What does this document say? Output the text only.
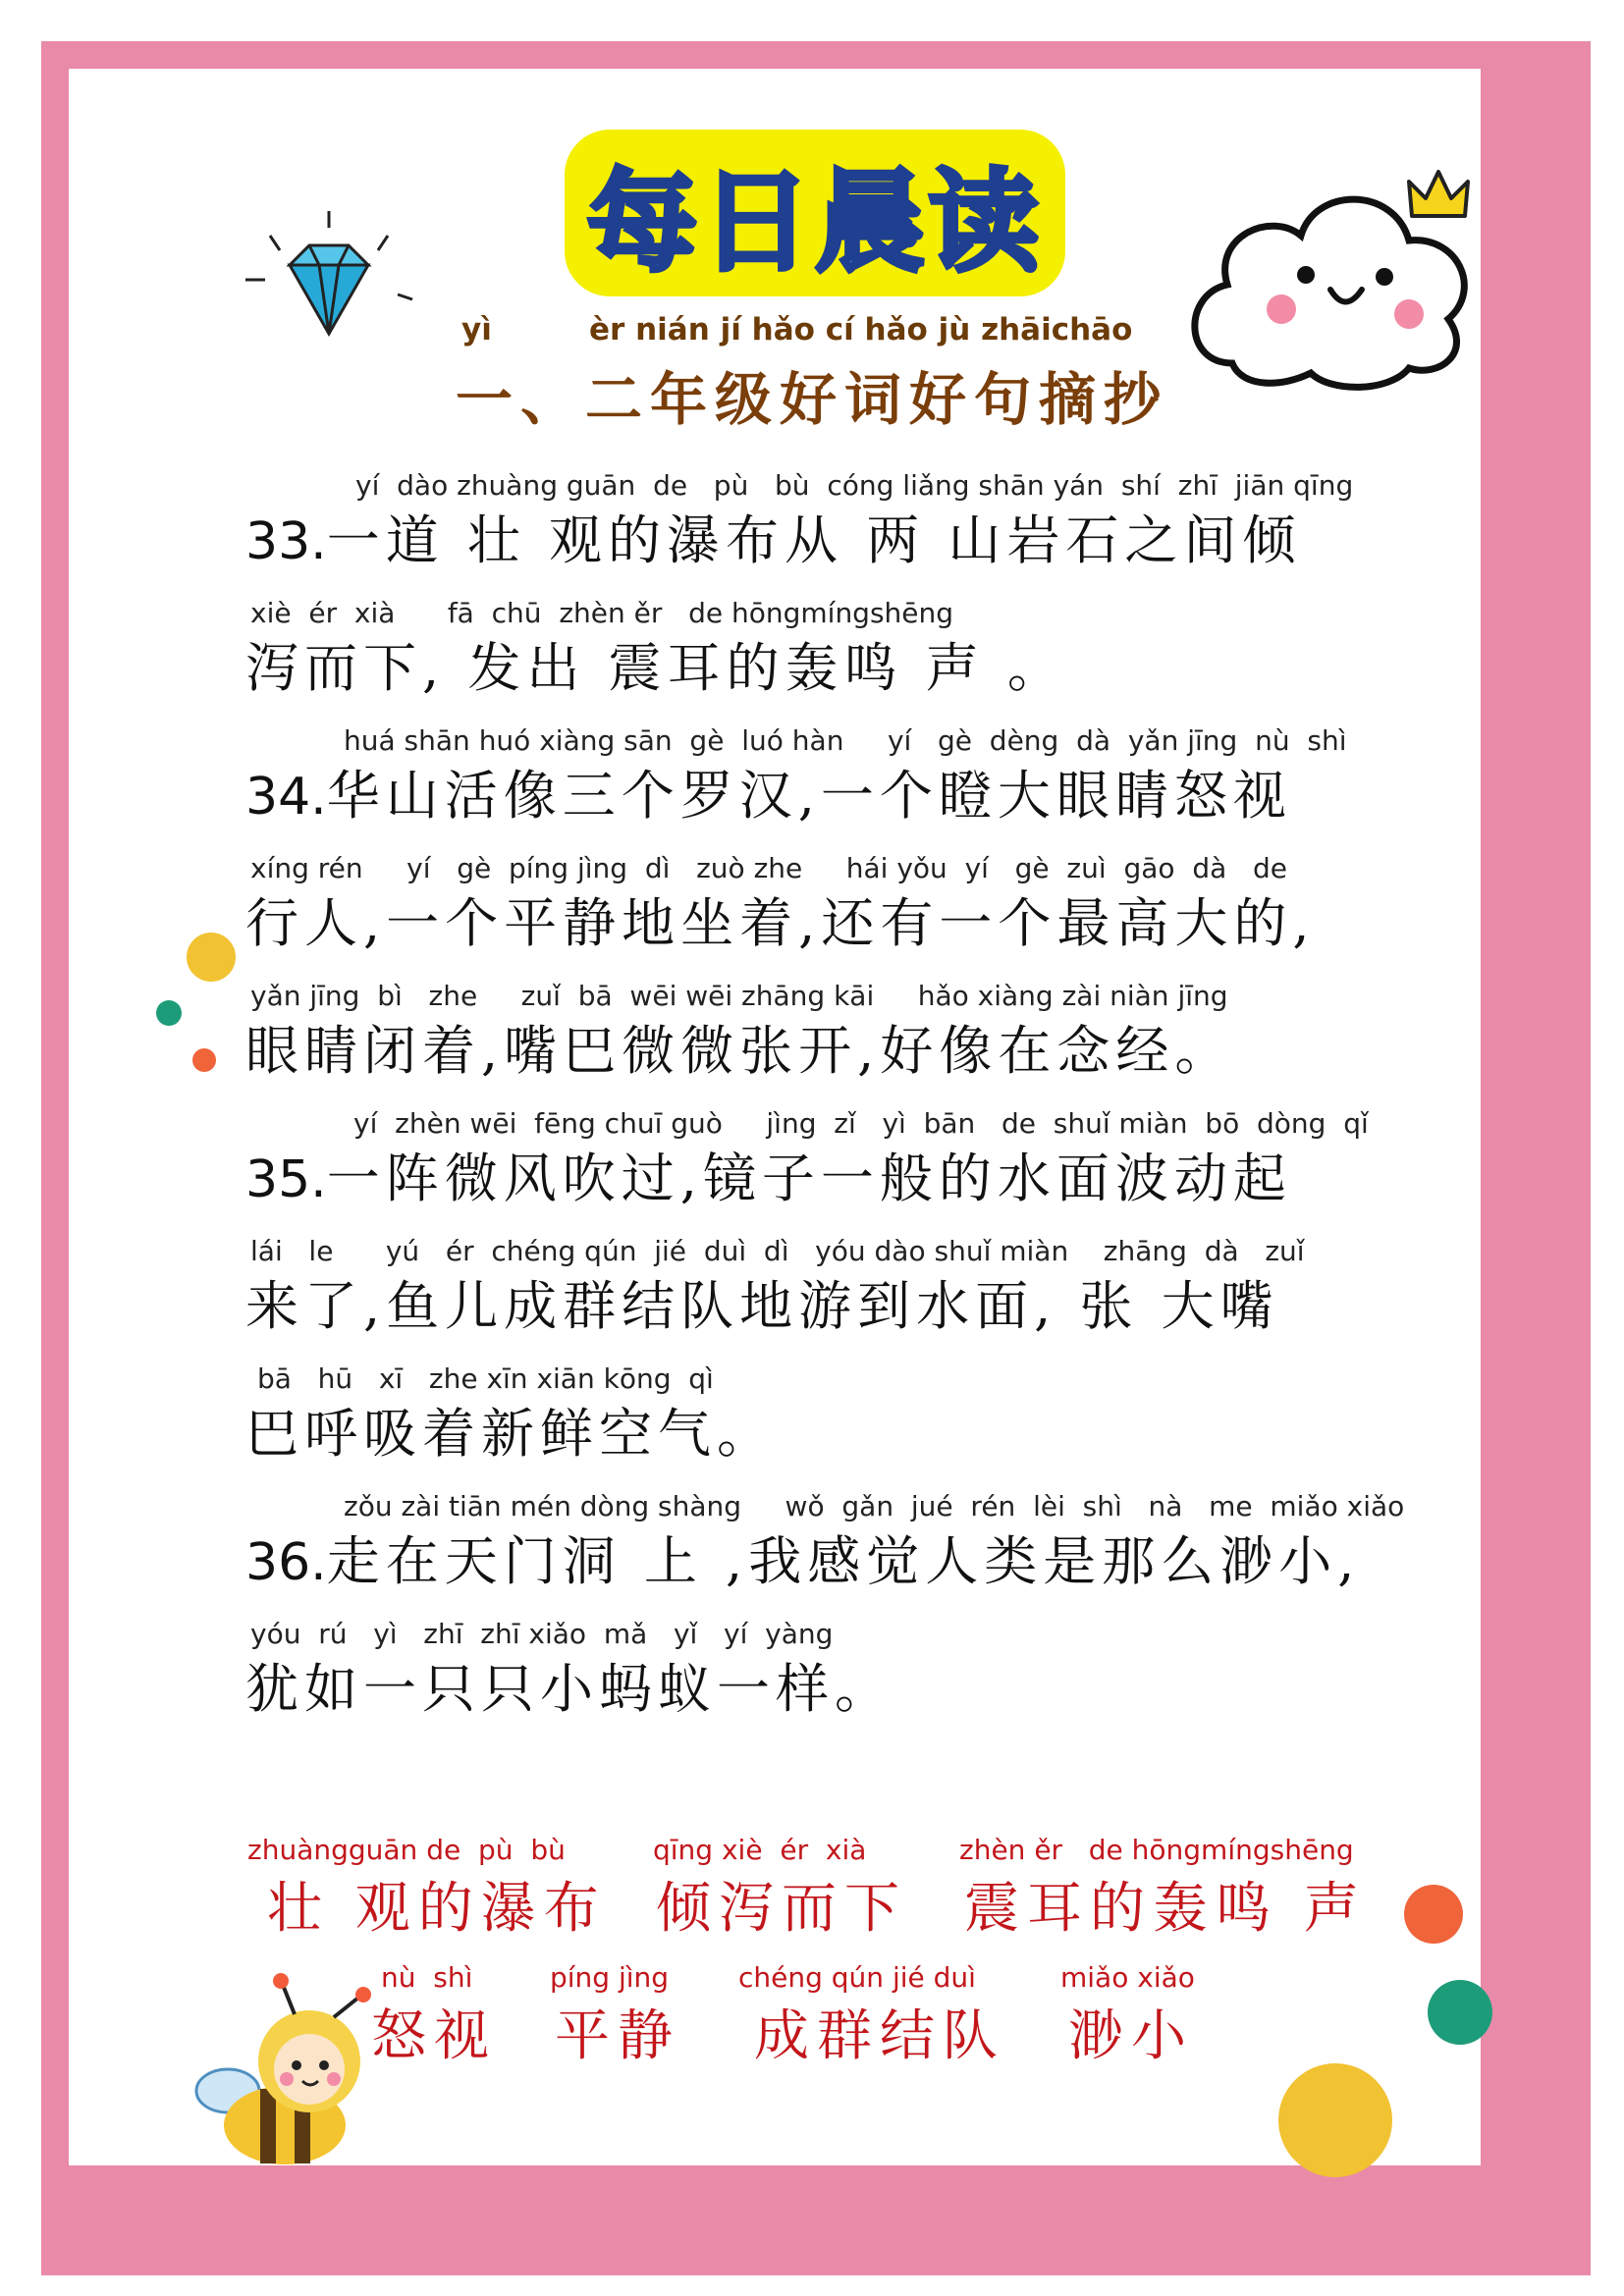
每日晨读
yì	èr nián jí hǎo cí hǎo jù zhāichāo
一、二年级好词好句摘抄
yí  dào zhuàng guān  de   pù   bù  cóng liǎng shān yán  shí  zhī  jiān qīng
33.一道 壮 观的瀑布从 两 山岩石之间倾
xiè  ér  xià      fā  chū  zhèn ěr   de hōngmíngshēng
泻而下, 发出 震耳的轰鸣 声 。
huá shān huó xiàng sān  gè  luó hàn     yí   gè  dèng  dà  yǎn jīng  nù  shì
34.华山活像三个罗汉,一个瞪大眼睛怒视
xíng rén     yí   gè  píng jìng  dì   zuò zhe     hái yǒu  yí   gè  zuì  gāo  dà   de
行人,一个平静地坐着,还有一个最高大的,
yǎn jīng  bì   zhe     zuǐ  bā  wēi wēi zhāng kāi     hǎo xiàng zài niàn jīng
眼睛闭着,嘴巴微微张开,好像在念经。
yí  zhèn wēi  fēng chuī guò     jìng  zǐ   yì  bān   de  shuǐ miàn  bō  dòng  qǐ
35.一阵微风吹过,镜子一般的水面波动起
lái   le      yú   ér  chéng qún  jié  duì  dì   yóu dào shuǐ miàn    zhāng  dà   zuǐ
来了,鱼儿成群结队地游到水面, 张 大嘴
bā   hū   xī   zhe xīn xiān kōng  qì
巴呼吸着新鲜空气。
zǒu zài tiān mén dòng shàng     wǒ  gǎn  jué  rén  lèi  shì   nà   me  miǎo xiǎo
36.走在天门洞 上 ,我感觉人类是那么渺小,
yóu  rú   yì   zhī  zhī xiǎo  mǎ   yǐ   yí  yàng
犹如一只只小蚂蚁一样。
zhuàngguān de  pù  bù
壮 观的瀑布
qīng xiè  ér  xià
倾泻而下
zhèn ěr   de hōngmíngshēng
震耳的轰鸣 声
nù  shì
怒视
píng jìng
平静
chéng qún jié duì
成群结队
miǎo xiǎo
渺小
